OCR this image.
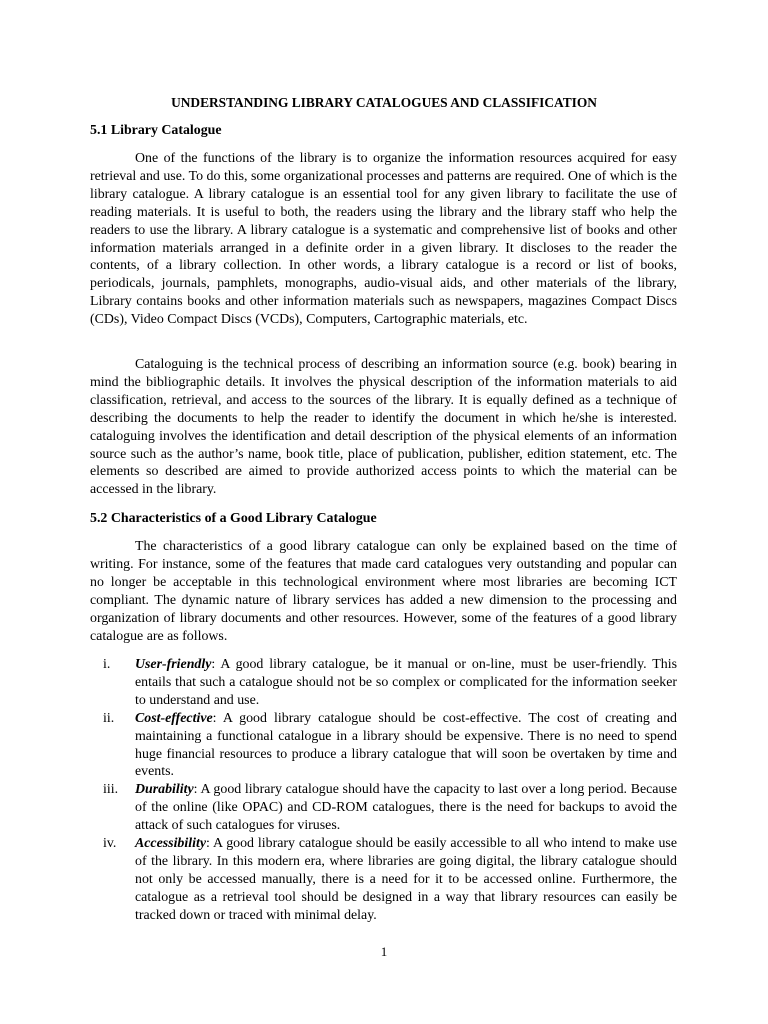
UNDERSTANDING LIBRARY CATALOGUES AND CLASSIFICATION
5.1 Library Catalogue

One of the functions of the library is to organize the information resources acquired for easy retrieval and use. To do this, some organizational processes and patterns are required. One of which is the library catalogue. A library catalogue is an essential tool for any given library to facilitate the use of reading materials. It is useful to both, the readers using the library and the library staff who help the readers to use the library. A library catalogue is a systematic and comprehensive list of books and other information materials arranged in a definite order in a given library. It discloses to the reader the contents, of a library collection. In other words, a library catalogue is a record or list of books, periodicals, journals, pamphlets, monographs, audio-visual aids, and other materials of the library, Library contains books and other information materials such as newspapers, magazines Compact Discs (CDs), Video Compact Discs (VCDs), Computers, Cartographic materials, etc.

Cataloguing is the technical process of describing an information source (e.g. book) bearing in mind the bibliographic details. It involves the physical description of the information materials to aid classification, retrieval, and access to the sources of the library. It is equally defined as a technique of describing the documents to help the reader to identify the document in which he/she is interested. cataloguing involves the identification and detail description of the physical elements of an information source such as the author’s name, book title, place of publication, publisher, edition statement, etc. The elements so described are aimed to provide authorized access points to which the material can be accessed in the library.

5.2 Characteristics of a Good Library Catalogue

The characteristics of a good library catalogue can only be explained based on the time of writing. For instance, some of the features that made card catalogues very outstanding and popular can no longer be acceptable in this technological environment where most libraries are becoming ICT compliant. The dynamic nature of library services has added a new dimension to the processing and organization of library documents and other resources. However, some of the features of a good library catalogue are as follows.

i. User-friendly: A good library catalogue, be it manual or on-line, must be user-friendly. This entails that such a catalogue should not be so complex or complicated for the information seeker to understand and use.
ii. Cost-effective: A good library catalogue should be cost-effective. The cost of creating and maintaining a functional catalogue in a library should be expensive. There is no need to spend huge financial resources to produce a library catalogue that will soon be overtaken by time and events.
iii. Durability: A good library catalogue should have the capacity to last over a long period. Because of the online (like OPAC) and CD-ROM catalogues, there is the need for backups to avoid the attack of such catalogues for viruses.
iv. Accessibility: A good library catalogue should be easily accessible to all who intend to make use of the library. In this modern era, where libraries are going digital, the library catalogue should not only be accessed manually, there is a need for it to be accessed online. Furthermore, the catalogue as a retrieval tool should be designed in a way that library resources can easily be tracked down or traced with minimal delay.
1
